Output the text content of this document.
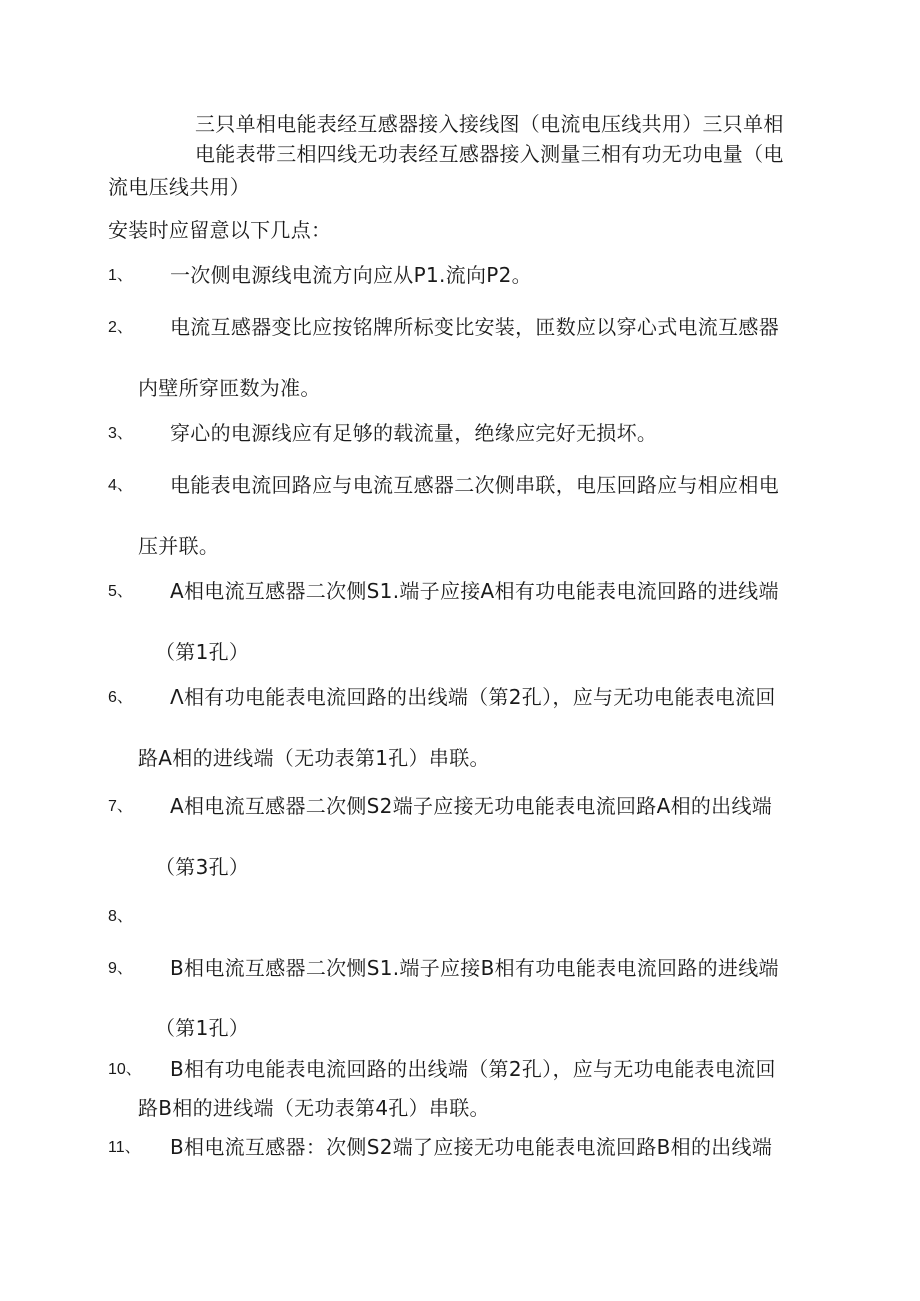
三只单相电能表经互感器接入接线图（电流电压线共用）三只单相
电能表带三相四线无功表经互感器接入测量三相有功无功电量（电
流电压线共用）
安装时应留意以下几点：
1、 一次侧电源线电流方向应从P1.流向P2。
2、 电流互感器变比应按铭牌所标变比安装，匝数应以穿心式电流互感器
内壁所穿匝数为准。
3、 穿心的电源线应有足够的载流量，绝缘应完好无损坏。
4、 电能表电流回路应与电流互感器二次侧串联，电压回路应与相应相电
压并联。
5、 A相电流互感器二次侧S1.端子应接A相有功电能表电流回路的进线端
（第1孔）
6、 Λ相有功电能表电流回路的出线端（第2孔），应与无功电能表电流回
路A相的进线端（无功表第1孔）串联。
7、 A相电流互感器二次侧S2端子应接无功电能表电流回路A相的出线端
（第3孔）
8、
9、 B相电流互感器二次恻S1.端子应接B相有功电能表电流回路的进线端
（第1孔）
10、 B相有功电能表电流回路的出线端（第2孔），应与无功电能表电流回
路B相的进线端（无功表第4孔）串联。
11、 B相电流互感器：次侧S2端了应接无功电能表电流回路B相的出线端
